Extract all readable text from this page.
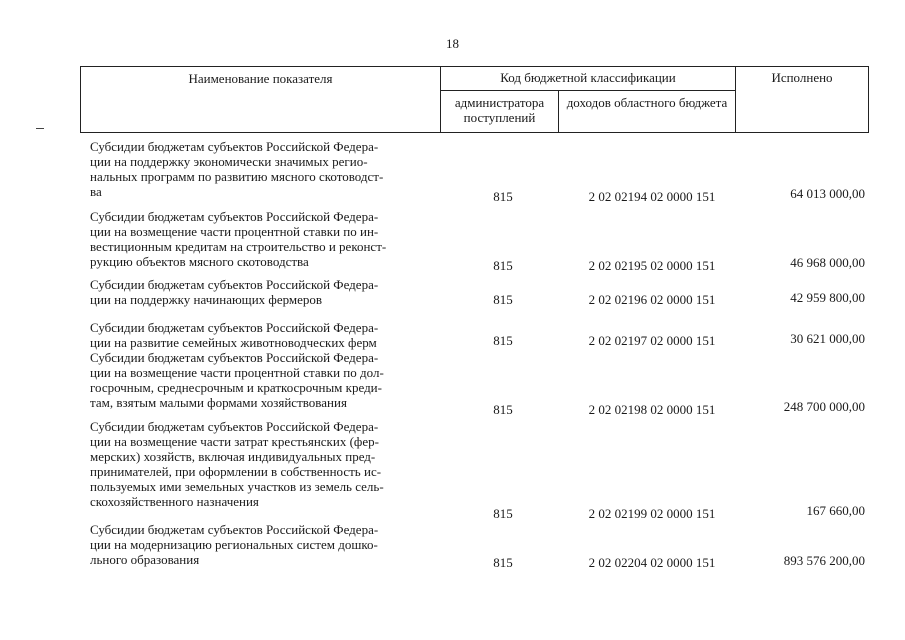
18
Наименование показателя	Код бюджетной классификации		Исполнено
	администратора поступлений	доходов областного бюджета	
Субсидии бюджетам субъектов Российской Федера-
ции на поддержку экономически значимых регио-
нальных программ по развитию мясного скотоводст-
ва	815	2 02 02194 02 0000 151	64 013 000,00
Субсидии бюджетам субъектов Российской Федера-
ции на возмещение части процентной ставки по ин-
вестиционным кредитам на строительство и реконст-
рукцию объектов мясного скотоводства	815	2 02 02195 02 0000 151	46 968 000,00
Субсидии бюджетам субъектов Российской Федера-
ции на поддержку начинающих фермеров	815	2 02 02196 02 0000 151	42 959 800,00
Субсидии бюджетам субъектов Российской Федера-
ции на развитие семейных животноводческих ферм	815	2 02 02197 02 0000 151	30 621 000,00
Субсидии бюджетам субъектов Российской Федера-
ции на возмещение части процентной ставки по дол-
госрочным, среднесрочным и краткосрочным креди-
там, взятым малыми формами хозяйствования	815	2 02 02198 02 0000 151	248 700 000,00
Субсидии бюджетам субъектов Российской Федера-
ции на возмещение части затрат крестьянских (фер-
мерских) хозяйств, включая индивидуальных пред-
принимателей, при оформлении в собственность ис-
пользуемых ими земельных участков из земель сель-
скохозяйственного назначения
815	2 02 02199 02 0000 151	167 660,00
Субсидии бюджетам субъектов Российской Федера-
ции на модернизацию региональных систем дошко-
льного образования	815	2 02 02204 02 0000 151	893 576 200,00
